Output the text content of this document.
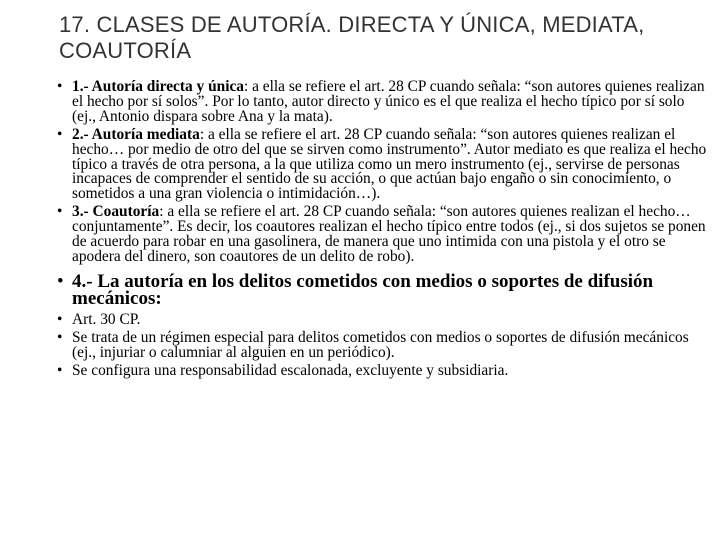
17. CLASES DE AUTORÍA. DIRECTA Y ÚNICA, MEDIATA, COAUTORÍA
• 1.- Autoría directa y única: a ella se refiere el art. 28 CP cuando señala: “son autores quienes realizan el hecho por sí solos”. Por lo tanto, autor directo y único es el que realiza el hecho típico por sí solo (ej., Antonio dispara sobre Ana y la mata).
• 2.- Autoría mediata: a ella se refiere el art. 28 CP cuando señala: “son autores quienes realizan el hecho… por medio de otro del que se sirven como instrumento”. Autor mediato es que realiza el hecho típico a través de otra persona, a la que utiliza como un mero instrumento (ej., servirse de personas incapaces de comprender el sentido de su acción, o que actúan bajo engaño o sin conocimiento, o sometidos a una gran violencia o intimidación…).
• 3.- Coautoría: a ella se refiere el art. 28 CP cuando señala: “son autores quienes realizan el hecho… conjuntamente”. Es decir, los coautores realizan el hecho típico entre todos (ej., si dos sujetos se ponen de acuerdo para robar en una gasolinera, de manera que uno intimida con una pistola y el otro se apodera del dinero, son coautores de un delito de robo).
• 4.- La autoría en los delitos cometidos con medios o soportes de difusión mecánicos:
• Art. 30 CP.
• Se trata de un régimen especial para delitos cometidos con medios o soportes de difusión mecánicos (ej., injuriar o calumniar al alguien en un periódico).
• Se configura una responsabilidad escalonada, excluyente y subsidiaria.
